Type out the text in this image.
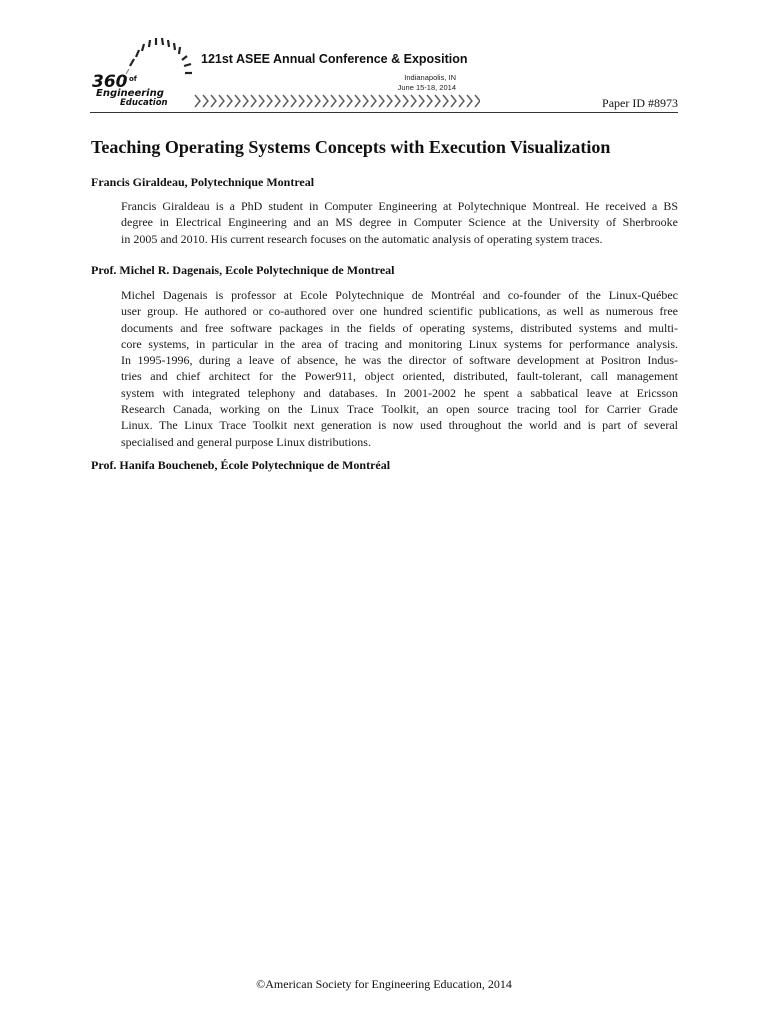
360 of
Engineering
Education
121st ASEE Annual Conference & Exposition
Indianapolis, IN
June 15-18, 2014
Paper ID #8973
Teaching Operating Systems Concepts with Execution Visualization
Francis Giraldeau, Polytechnique Montreal

Francis Giraldeau is a PhD student in Computer Engineering at Polytechnique Montreal. He received a BS
degree in Electrical Engineering and an MS degree in Computer Science at the University of Sherbrooke
in 2005 and 2010. His current research focuses on the automatic analysis of operating system traces.

Prof. Michel R. Dagenais, Ecole Polytechnique de Montreal

Michel Dagenais is professor at Ecole Polytechnique de Montréal and co-founder of the Linux-Québec
user group. He authored or co-authored over one hundred scientific publications, as well as numerous free
documents and free software packages in the fields of operating systems, distributed systems and multi-
core systems, in particular in the area of tracing and monitoring Linux systems for performance analysis.
In 1995-1996, during a leave of absence, he was the director of software development at Positron Indus-
tries and chief architect for the Power911, object oriented, distributed, fault-tolerant, call management
system with integrated telephony and databases. In 2001-2002 he spent a sabbatical leave at Ericsson
Research Canada, working on the Linux Trace Toolkit, an open source tracing tool for Carrier Grade
Linux. The Linux Trace Toolkit next generation is now used throughout the world and is part of several
specialised and general purpose Linux distributions.

Prof. Hanifa Boucheneb, École Polytechnique de Montréal
©American Society for Engineering Education, 2014
